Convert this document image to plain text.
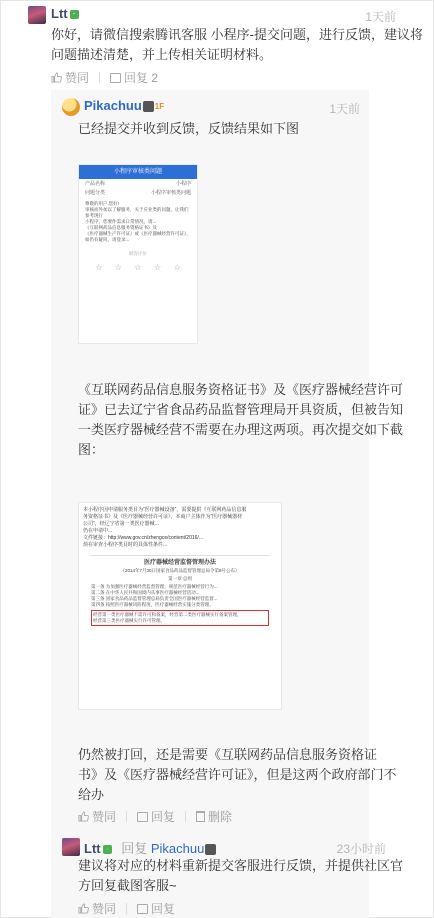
Ltt ·	1天前
你好，请微信搜索腾讯客服 小程序-提交问题，进行反馈，建议将
问题描述清楚，并上传相关证明材料。
赞同	回复 2
Pikachuu 1F	1天前
已经提交并收到反馈，反馈结果如下图
小程序审核类问题
产品名称	小程序
问题分类	小程序审核类问题
尊敬的用户,您好!
审核而外加以了解服务，关于应业类的问题，让我们参考现行
小程序，您要件需求日常情况，请...
《互联网药品信息服务资格证书》及
《医疗器械生产许可证》或《医疗器械经营许可证》，
如仍有疑问，请登录...
顾客评价
☆ ☆ ☆ ☆ ☆
《互联网药品信息服务资格证书》及《医疗器械经营许可
证》已去辽宁省食品药品监督管理局开具资质，但被告知
一类医疗器械经营不需要在办理这两项。再次提交如下截
图：
本小程序因申请服务类目为“医疗器械设备”，需要提供《互联网药品信息服
务资格证书》及《医疗器械经营许可证》，本商户主体作为“医疗器械器材
公司”，经辽宁省第一类医疗器械...
仍在申请中...
文件链接：http://www.gov.cn/zhengce/content/2016/...
烦在审查小程序类目时的具体性条件...
医疗器械经营监督管理办法
（2014年7月30日国家食品药品监督管理总局令第8号公布）
第一章 总则
第一条 为加强医疗器械经营监督管理，规范医疗器械经营行为...
第二条 在中华人民共和国境内从事医疗器械经营活动...
第三条 国家食品药品监督管理总局负责全国医疗器械经营监督...
第四条 按照医疗器械风险程度，医疗器械经营实施分类管理。
经营第一类医疗器械不需许可和备案，经营第二类医疗器械实行备案管理，
经营第三类医疗器械实行许可管理。
仍然被打回，还是需要《互联网药品信息服务资格证
书》及《医疗器械经营许可证》，但是这两个政府部门不
给办
赞同	回复	删除
Ltt · 回复 Pikachuu	23小时前
建议将对应的材料重新提交客服进行反馈，并提供社区官
方回复截图客服~
赞同	回复
